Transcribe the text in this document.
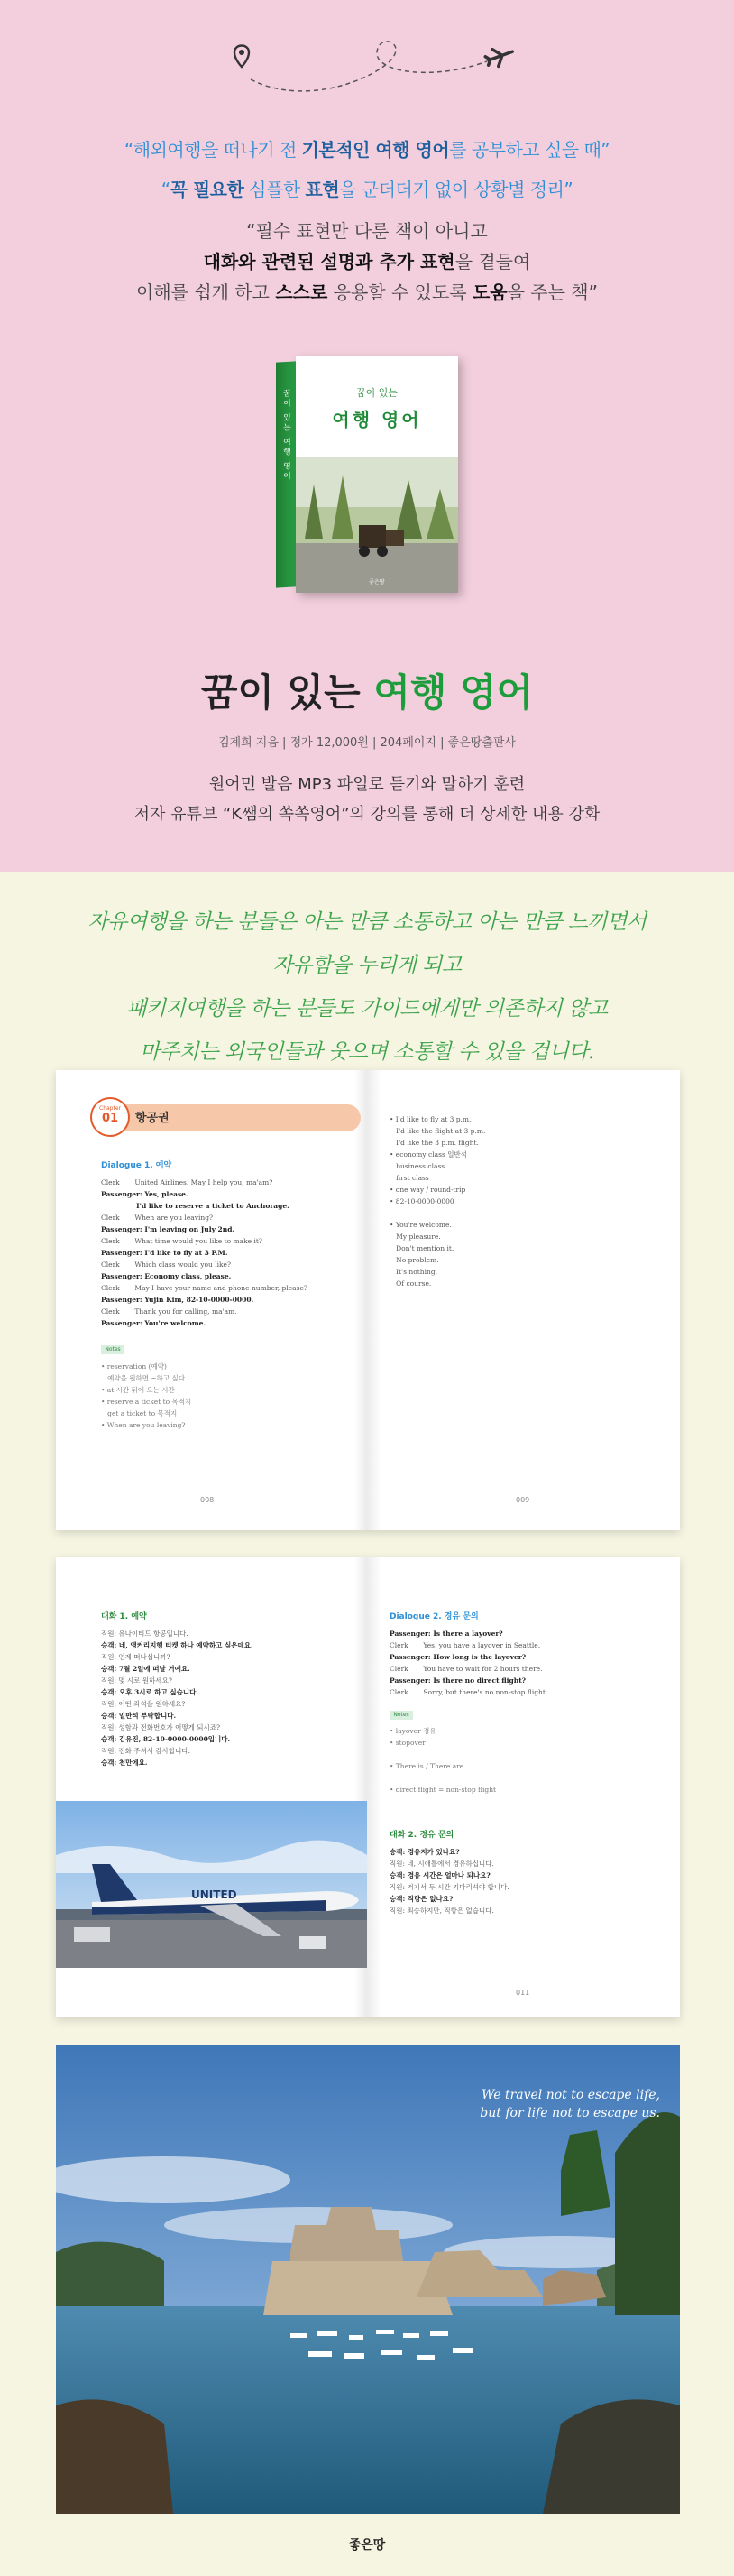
“해외여행을 떠나기 전 기본적인 여행 영어를 공부하고 싶을 때”
“꼭 필요한 심플한 표현을 군더더기 없이 상황별 정리”
“필수 표현만 다룬 책이 아니고
대화와 관련된 설명과 추가 표현을 곁들여
이해를 쉽게 하고 스스로 응용할 수 있도록 도움을 주는 책”
꿈이 있는 여행 영어	꿈이 있는
여행 영어
좋은땅
꿈이 있는 여행 영어
김계희 지음 | 정가 12,000원 | 204페이지 | 좋은땅출판사
원어민 발음 MP3 파일로 듣기와 말하기 훈련
저자 유튜브 “K쌤의 쏙쏙영어”의 강의를 통해 더 상세한 내용 강화
자유여행을 하는 분들은 아는 만큼 소통하고 아는 만큼 느끼면서
자유함을 누리게 되고
패키지여행을 하는 분들도 가이드에게만 의존하지 않고
마주치는 외국인들과 웃으며 소통할 수 있을 겁니다.
Chapter
01	항공권
Dialogue 1. 예약
Clerk       United Airlines. May I help you, ma'am?
Passenger: Yes, please.
I'd like to reserve a ticket to Anchorage.
Clerk       When are you leaving?
Passenger: I'm leaving on July 2nd.
Clerk       What time would you like to make it?
Passenger: I'd like to fly at 3 P.M.
Clerk       Which class would you like?
Passenger: Economy class, please.
Clerk       May I have your name and phone number, please?
Passenger: Yujin Kim, 82-10-0000-0000.
Clerk       Thank you for calling, ma'am.
Passenger: You're welcome.
Notes
• reservation (예약)
예약을 원하면 ~하고 싶다
• at 시간 뒤에 오는 시간
• reserve a ticket to 목적지
get a ticket to 목적지
• When are you leaving?
008
• I'd like to fly at 3 p.m.
I'd like the flight at 3 p.m.
I'd like the 3 p.m. flight.
• economy class 일반석
business class
first class
• one way / round-trip
• 82-10-0000-0000

• You're welcome.
My pleasure.
Don't mention it.
No problem.
It's nothing.
Of course.
009
대화 1. 예약
직원: 유나이티드 항공입니다.
승객: 네, 앵커리지행 티켓 하나 예약하고 싶은데요.
직원: 언제 떠나십니까?
승객: 7월 2일에 떠날 거예요.
직원: 몇 시로 원하세요?
승객: 오후 3시로 하고 싶습니다.
직원: 어떤 좌석을 원하세요?
승객: 일반석 부탁합니다.
직원: 성함과 전화번호가 어떻게 되시죠?
승객: 김유진, 82-10-0000-0000입니다.
직원: 전화 주셔서 감사합니다.
승객: 천만에요.
UNITED
Dialogue 2. 경유 문의
Passenger: Is there a layover?
Clerk       Yes, you have a layover in Seattle.
Passenger: How long is the layover?
Clerk       You have to wait for 2 hours there.
Passenger: Is there no direct flight?
Clerk       Sorry, but there's no non-stop flight.
Notes
• layover 경유
• stopover

• There is / There are

• direct flight = non-stop flight
대화 2. 경유 문의
승객: 경유지가 있나요?
직원: 네, 시애틀에서 경유하십니다.
승객: 경유 시간은 얼마나 되나요?
직원: 거기서 두 시간 기다리셔야 합니다.
승객: 직항은 없나요?
직원: 죄송하지만, 직항은 없습니다.
011
We travel not to escape life,
but for life not to escape us.
좋은땅
